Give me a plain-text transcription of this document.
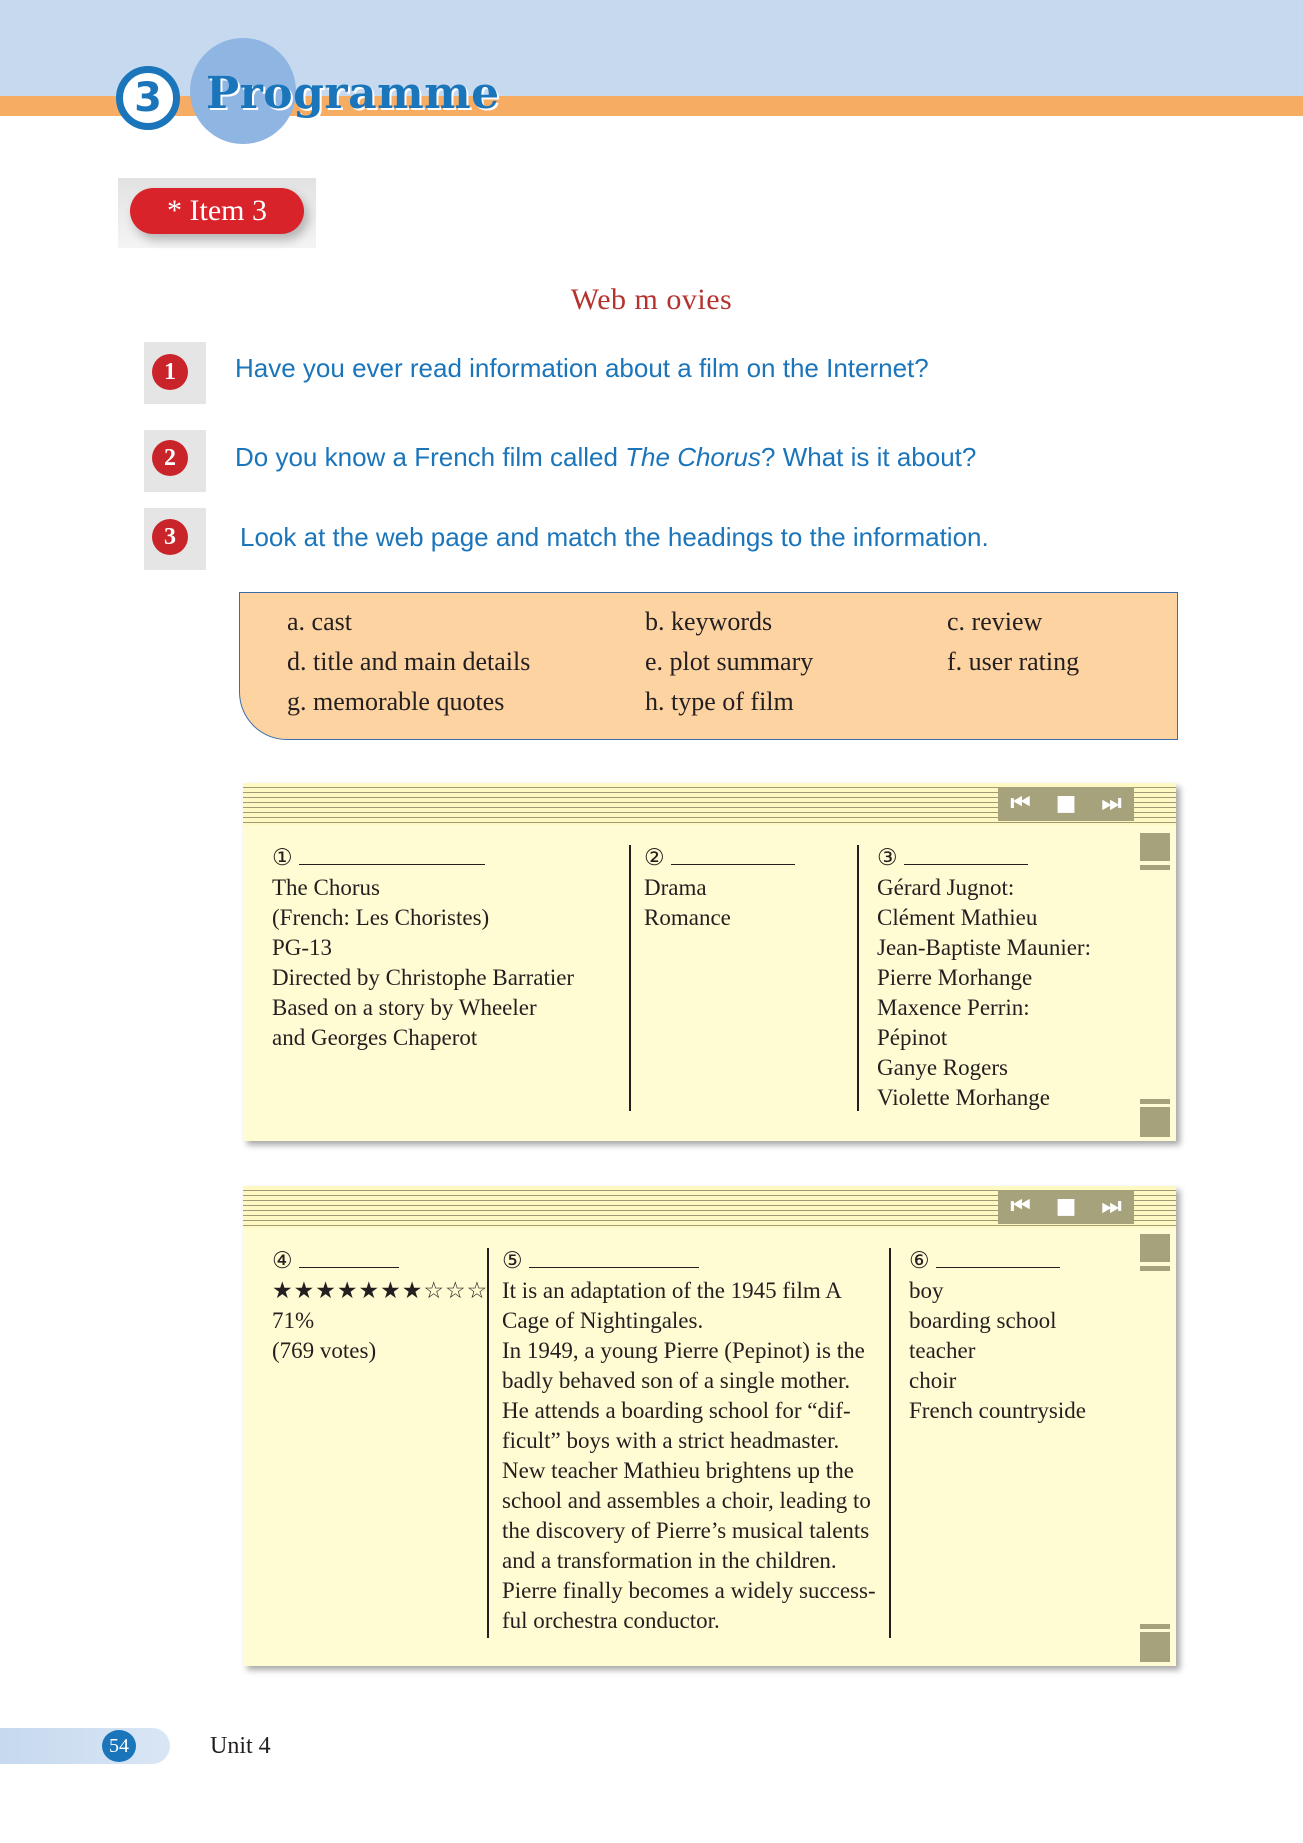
3	Programme
* Item 3
Web m ovies
1	Have you ever read information about a film on the Internet?
2	Do you know a French film called The Chorus? What is it about?
3	Look at the web page and match the headings to the information.
a. cast	b. keywords	c. review
d. title and main details	e. plot summary	f. user rating
g. memorable quotes	h. type of film
⏮ ■ ⏭
①
The Chorus
(French: Les Choristes)
PG-13
Directed by Christophe Barratier
Based on a story by Wheeler
and Georges Chaperot
②
Drama
Romance
③
Gérard Jugnot:
Clément Mathieu
Jean-Baptiste Maunier:
Pierre Morhange
Maxence Perrin:
Pépinot
Ganye Rogers
Violette Morhange
⏮ ■ ⏭
④
★★★★★★★☆☆☆
71%
(769 votes)
⑤
It is an adaptation of the 1945 film A
Cage of Nightingales.
In 1949, a young Pierre (Pepinot) is the
badly behaved son of a single mother.
He attends a boarding school for “dif-
ficult” boys with a strict headmaster.
New teacher Mathieu brightens up the
school and assembles a choir, leading to
the discovery of Pierre’s musical talents
and a transformation in the children.
Pierre finally becomes a widely success-
ful orchestra conductor.
⑥
boy
boarding school
teacher
choir
French countryside
54	Unit 4
